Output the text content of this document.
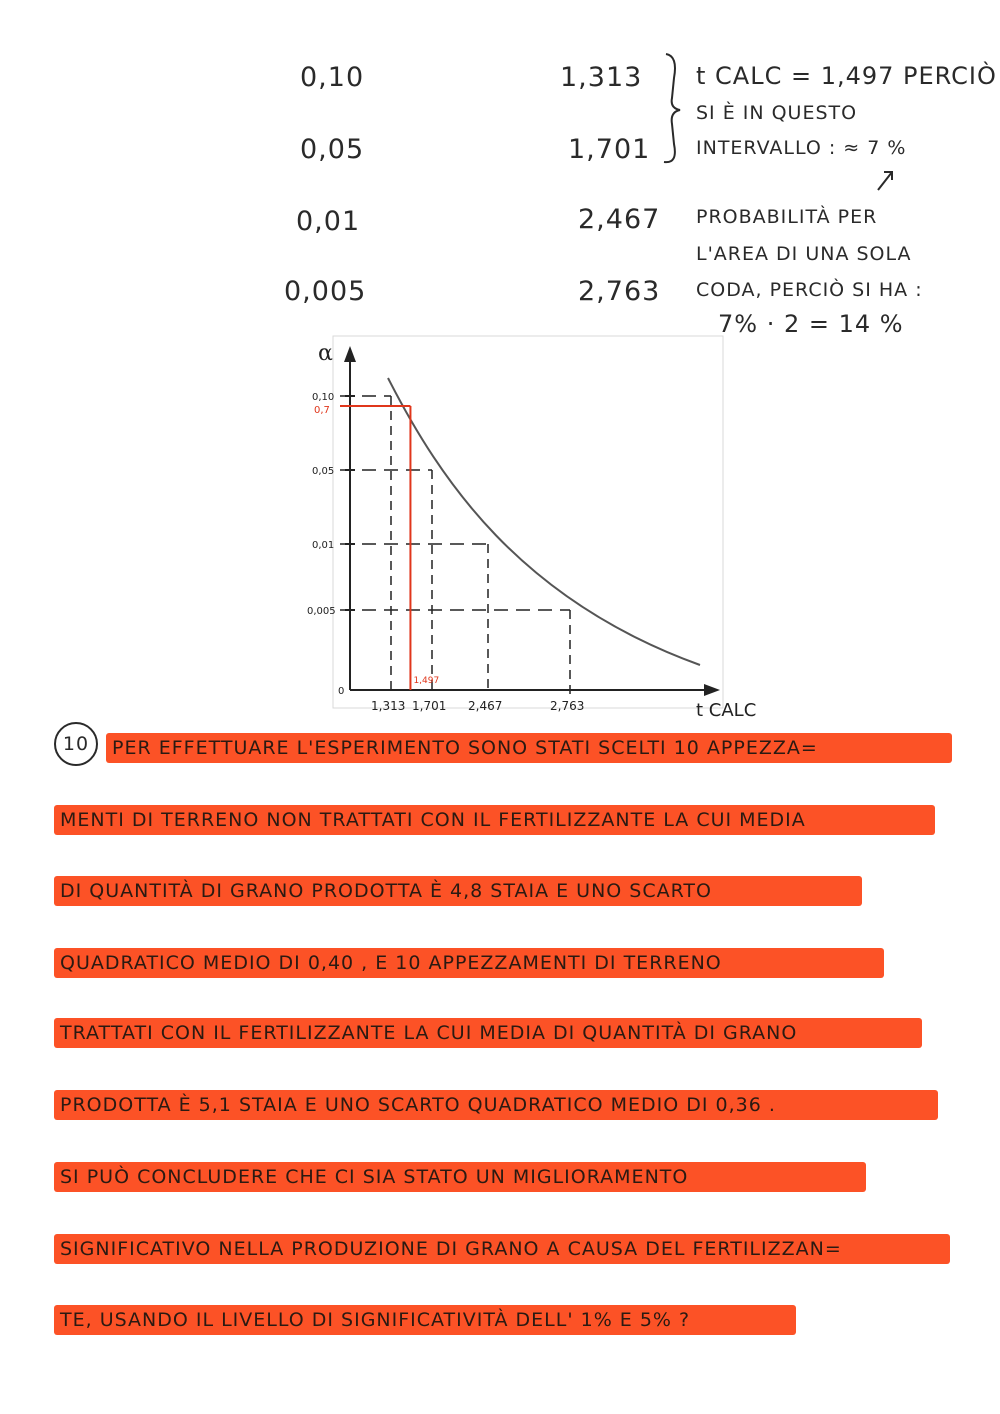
0,10
0,05
0,01
0,005
1,313
1,701
2,467
2,763
t CALC = 1,497 PERCIÒ
SI È IN QUESTO
INTERVALLO : ≈ 7 %
PROBABILITÀ PER
L'AREA DI UNA SOLA
CODA, PERCIÒ SI HA :
7% · 2 = 14 %
α
t CALC
0
1,313
0,10
1,701
0,05
2,467
0,01
2,763
0,005
0,7
1,497
10	PER EFFETTUARE L'ESPERIMENTO SONO STATI SCELTI 10 APPEZZA=
MENTI DI TERRENO NON TRATTATI CON IL FERTILIZZANTE LA CUI MEDIA
DI QUANTITÀ DI GRANO PRODOTTA È 4,8 STAIA E UNO SCARTO
QUADRATICO MEDIO DI 0,40 , E 10 APPEZZAMENTI DI TERRENO
TRATTATI CON IL FERTILIZZANTE LA CUI MEDIA DI QUANTITÀ DI GRANO
PRODOTTA È 5,1 STAIA E UNO SCARTO QUADRATICO MEDIO DI 0,36 .
SI PUÒ CONCLUDERE CHE CI SIA STATO UN MIGLIORAMENTO
SIGNIFICATIVO NELLA PRODUZIONE DI GRANO A CAUSA DEL FERTILIZZAN=
TE, USANDO IL LIVELLO DI SIGNIFICATIVITÀ DELL' 1% E 5% ?
